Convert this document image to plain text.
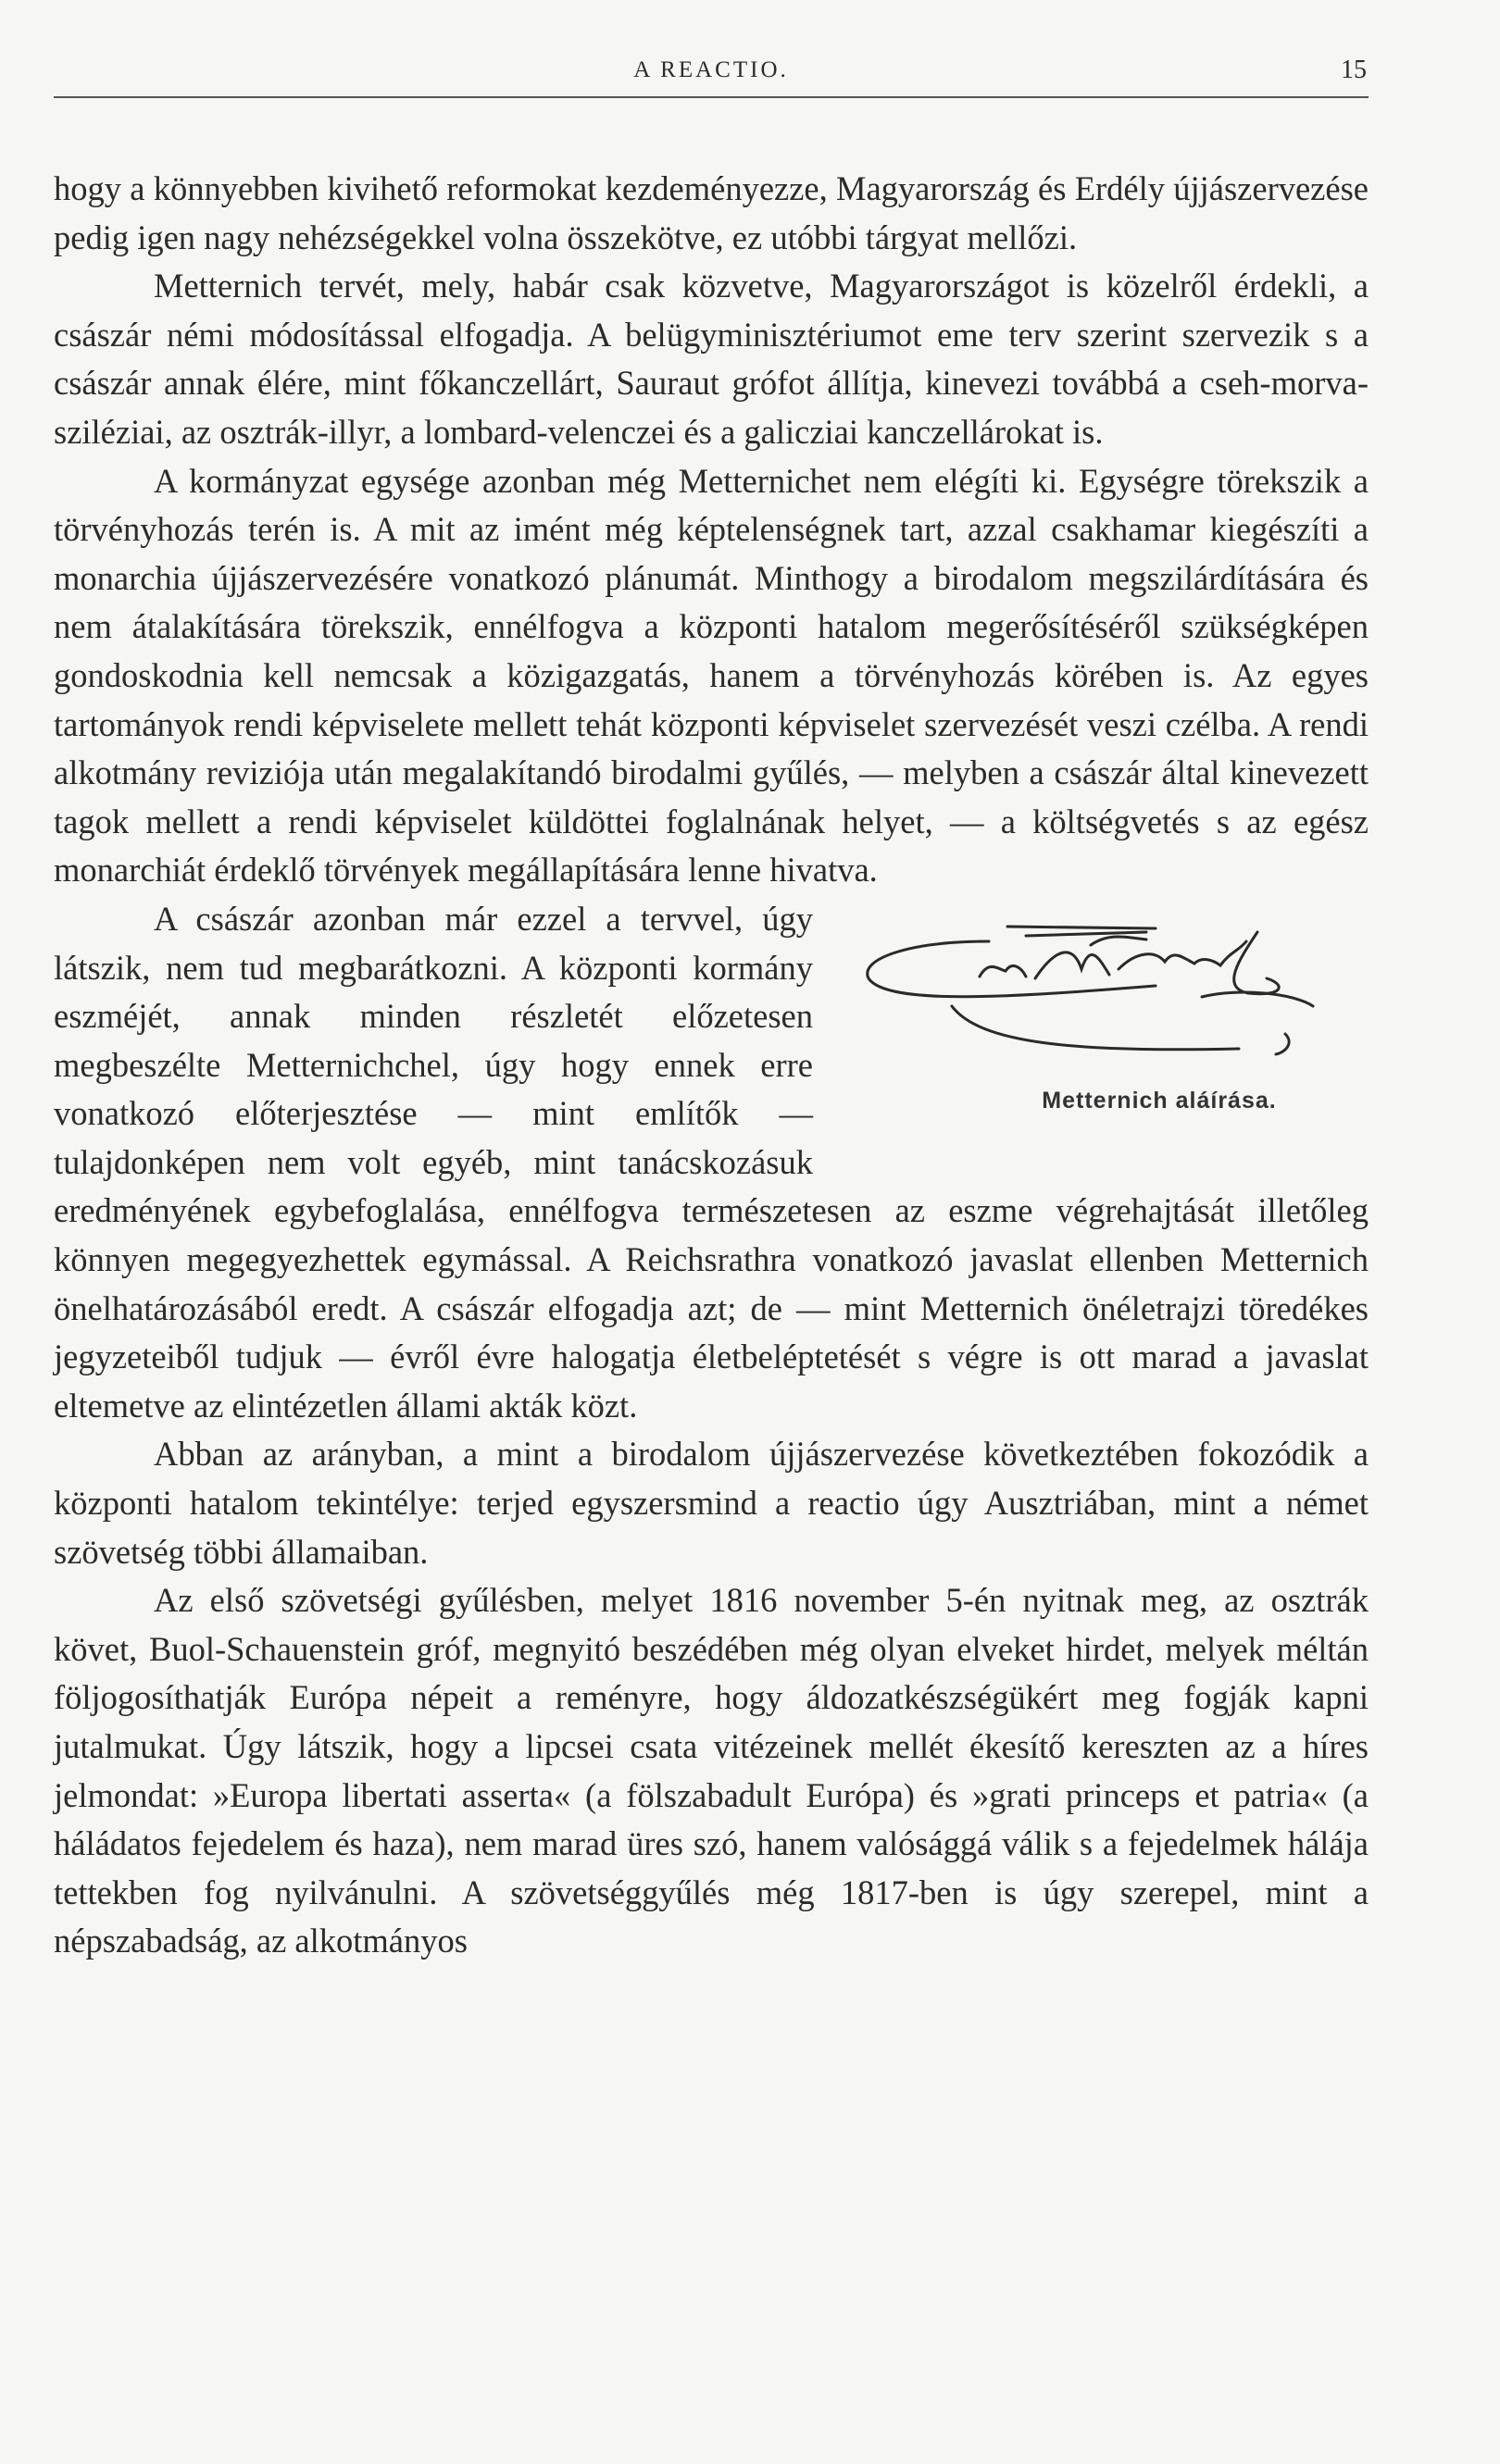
A REACTIO.	15

hogy a könnyebben kivihető reformokat kezdeményezze, Magyarország és Erdély újjászervezése pedig igen nagy nehézségekkel volna összekötve, ez utóbbi tárgyat mellőzi.

Metternich tervét, mely, habár csak közvetve, Magyarországot is közelről érdekli, a császár némi módosítással elfogadja. A belügyminisztériumot eme terv szerint szervezik s a császár annak élére, mint főkanczellárt, Sauraut grófot állítja, kinevezi továbbá a cseh-morva-sziléziai, az osztrák-illyr, a lombard-velenczei és a galicziai kanczellárokat is.

A kormányzat egysége azonban még Metternichet nem elégíti ki. Egységre törekszik a törvényhozás terén is. A mit az imént még képtelenségnek tart, azzal csakhamar kiegészíti a monarchia újjászervezésére vonatkozó plánumát. Minthogy a birodalom megszilárdítására és nem átalakítására törekszik, ennélfogva a központi hatalom megerősítéséről szükségképen gondoskodnia kell nemcsak a közigazgatás, hanem a törvényhozás körében is. Az egyes tartományok rendi képviselete mellett tehát központi képviselet szervezését veszi czélba. A rendi alkotmány reviziója után megalakítandó birodalmi gyűlés, — melyben a császár által kinevezett tagok mellett a rendi képviselet küldöttei foglalnának helyet, — a költségvetés s az egész monarchiát érdeklő törvények megállapítására lenne hivatva.

Metternich aláírása.
A császár azonban már ezzel a tervvel, úgy látszik, nem tud megbarátkozni. A központi kormány eszméjét, annak minden részletét előzetesen megbeszélte Metternichchel, úgy hogy ennek erre vonatkozó előterjesztése — mint említők — tulajdonképen nem volt egyéb, mint tanácskozásuk eredményének egybefoglalása, ennélfogva természetesen az eszme végrehajtását illetőleg könnyen megegyezhettek egymással. A Reichsrathra vonatkozó javaslat ellenben Metternich önelhatározásából eredt. A császár elfogadja azt; de — mint Metternich önéletrajzi töredékes jegyzeteiből tudjuk — évről évre halogatja életbeléptetését s végre is ott marad a javaslat eltemetve az elintézetlen állami akták közt.

Abban az arányban, a mint a birodalom újjászervezése következtében fokozódik a központi hatalom tekintélye: terjed egyszersmind a reactio úgy Ausztriában, mint a német szövetség többi államaiban.

Az első szövetségi gyűlésben, melyet 1816 november 5-én nyitnak meg, az osztrák követ, Buol-Schauenstein gróf, megnyitó beszédében még olyan elveket hirdet, melyek méltán följogosíthatják Európa népeit a reményre, hogy áldozatkészségükért meg fogják kapni jutalmukat. Úgy látszik, hogy a lipcsei csata vitézeinek mellét ékesítő kereszten az a híres jelmondat: »Europa libertati asserta« (a fölszabadult Európa) és »grati princeps et patria« (a háládatos fejedelem és haza), nem marad üres szó, hanem valósággá válik s a fejedelmek hálája tettekben fog nyilvánulni. A szövetséggyűlés még 1817-ben is úgy szerepel, mint a népszabadság, az alkotmányos
